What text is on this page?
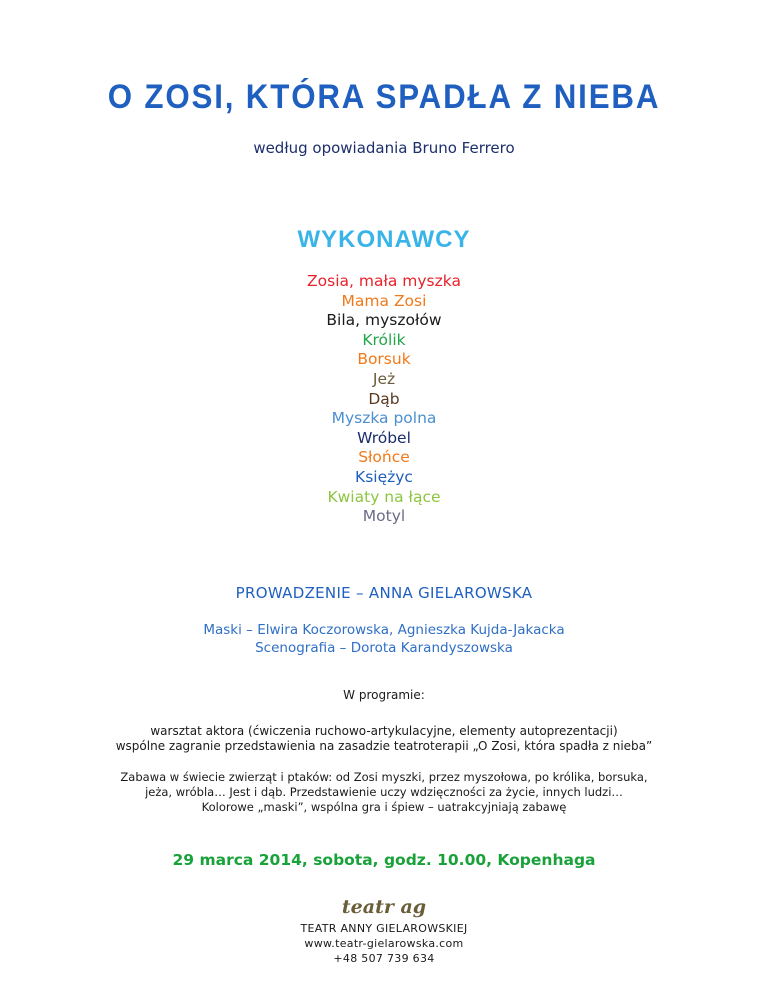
O ZOSI, KTÓRA SPADŁA Z NIEBA
według opowiadania Bruno Ferrero
WYKONAWCY
Zosia, mała myszka
Mama Zosi
Bila, myszołów
Królik
Borsuk
Jeż
Dąb
Myszka polna
Wróbel
Słońce
Księżyc
Kwiaty na łące
Motyl
PROWADZENIE – ANNA GIELAROWSKA
Maski – Elwira Koczorowska, Agnieszka Kujda-Jakacka
Scenografia – Dorota Karandyszowska
W programie:
warsztat aktora (ćwiczenia ruchowo-artykulacyjne, elementy autoprezentacji)
wspólne zagranie przedstawienia na zasadzie teatroterapii „O Zosi, która spadła z nieba”
Zabawa w świecie zwierząt i ptaków: od Zosi myszki, przez myszołowa, po królika, borsuka,
jeża, wróbla… Jest i dąb. Przedstawienie uczy wdzięczności za życie, innych ludzi…
Kolorowe „maski”, wspólna gra i śpiew – uatrakcyjniają zabawę
29 marca 2014, sobota, godz. 10.00, Kopenhaga
teatr ag
TEATR ANNY GIELAROWSKIEJ
www.teatr-gielarowska.com
+48 507 739 634
